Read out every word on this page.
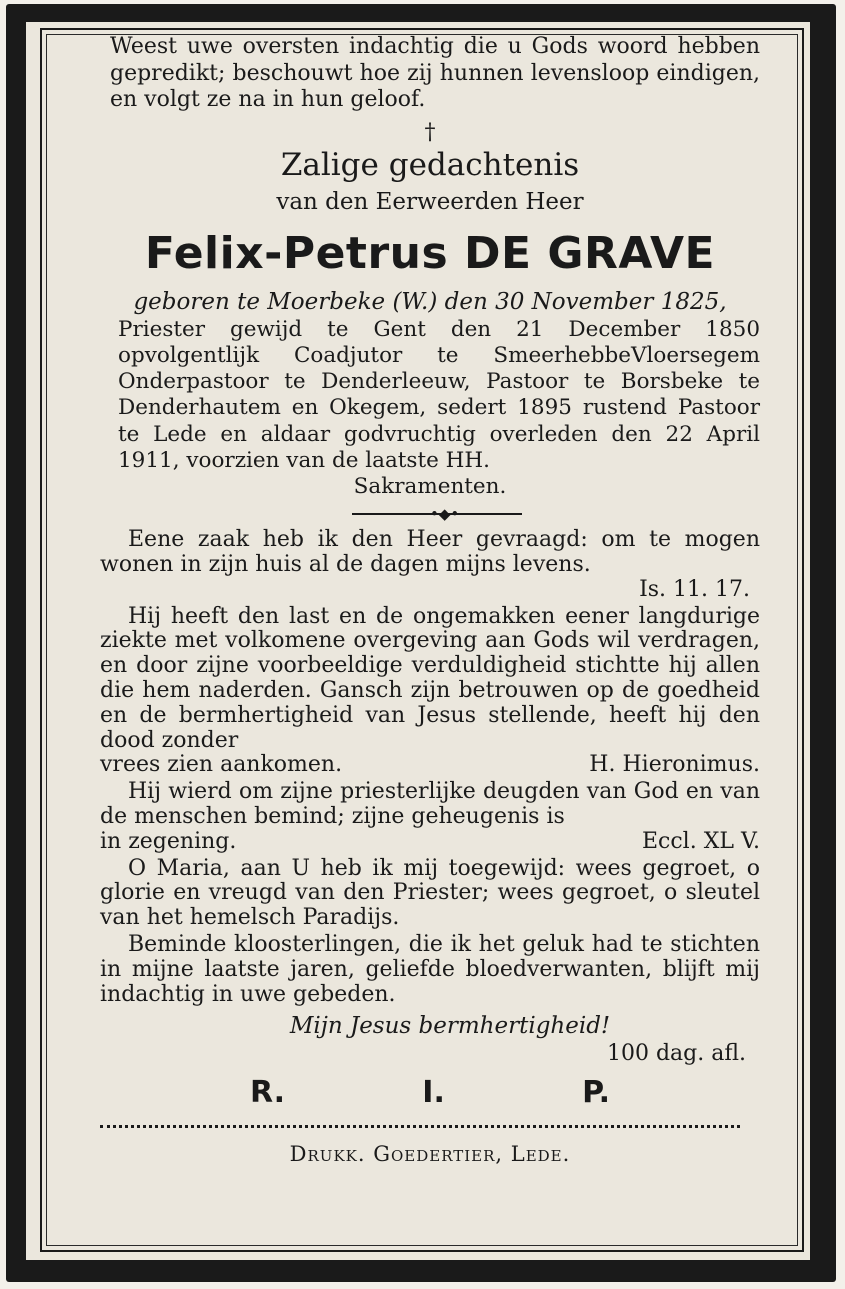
Weest uwe oversten indachtig die u Gods woord hebben gepredikt; beschouwt hoe zij hunnen levensloop eindigen, en volgt ze na in hun geloof.
†
Zalige gedachtenis
van den Eerweerden Heer
Felix-Petrus DE GRAVE
geboren te Moerbeke (W.) den 30 November 1825,
Priester gewijd te Gent den 21 December 1850 opvolgentlijk Coadjutor te SmeerhebbeVloersegem Onderpastoor te Denderleeuw, Pastoor te Borsbeke te Denderhautem en Okegem, sedert 1895 rustend Pastoor te Lede en aldaar godvruchtig overleden den 22 April 1911, voorzien van de laatste HH.
Sakramenten.
•◆•
Eene zaak heb ik den Heer gevraagd: om te mogen wonen in zijn huis al de dagen mijns levens.
Is. 11. 17.
Hij heeft den last en de ongemakken eener langdurige ziekte met volkomene overgeving aan Gods wil verdragen, en door zijne voorbeeldige verduldigheid stichtte hij allen die hem naderden. Gansch zijn betrouwen op de goedheid en de bermhertigheid van Jesus stellende, heeft hij den dood zonder
vrees zien aankomen.	H. Hieronimus.
Hij wierd om zijne priesterlijke deugden van God en van de menschen bemind; zijne geheugenis is
in zegening.	Eccl. XL V.
O Maria, aan U heb ik mij toegewijd: wees gegroet, o glorie en vreugd van den Priester; wees gegroet, o sleutel van het hemelsch Paradijs.
Beminde kloosterlingen, die ik het geluk had te stichten in mijne laatste jaren, geliefde bloedverwanten, blijft mij indachtig in uwe gebeden.
Mijn Jesus bermhertigheid!
100 dag. afl.
R.	I.	P.
Drukk. Goedertier, Lede.
